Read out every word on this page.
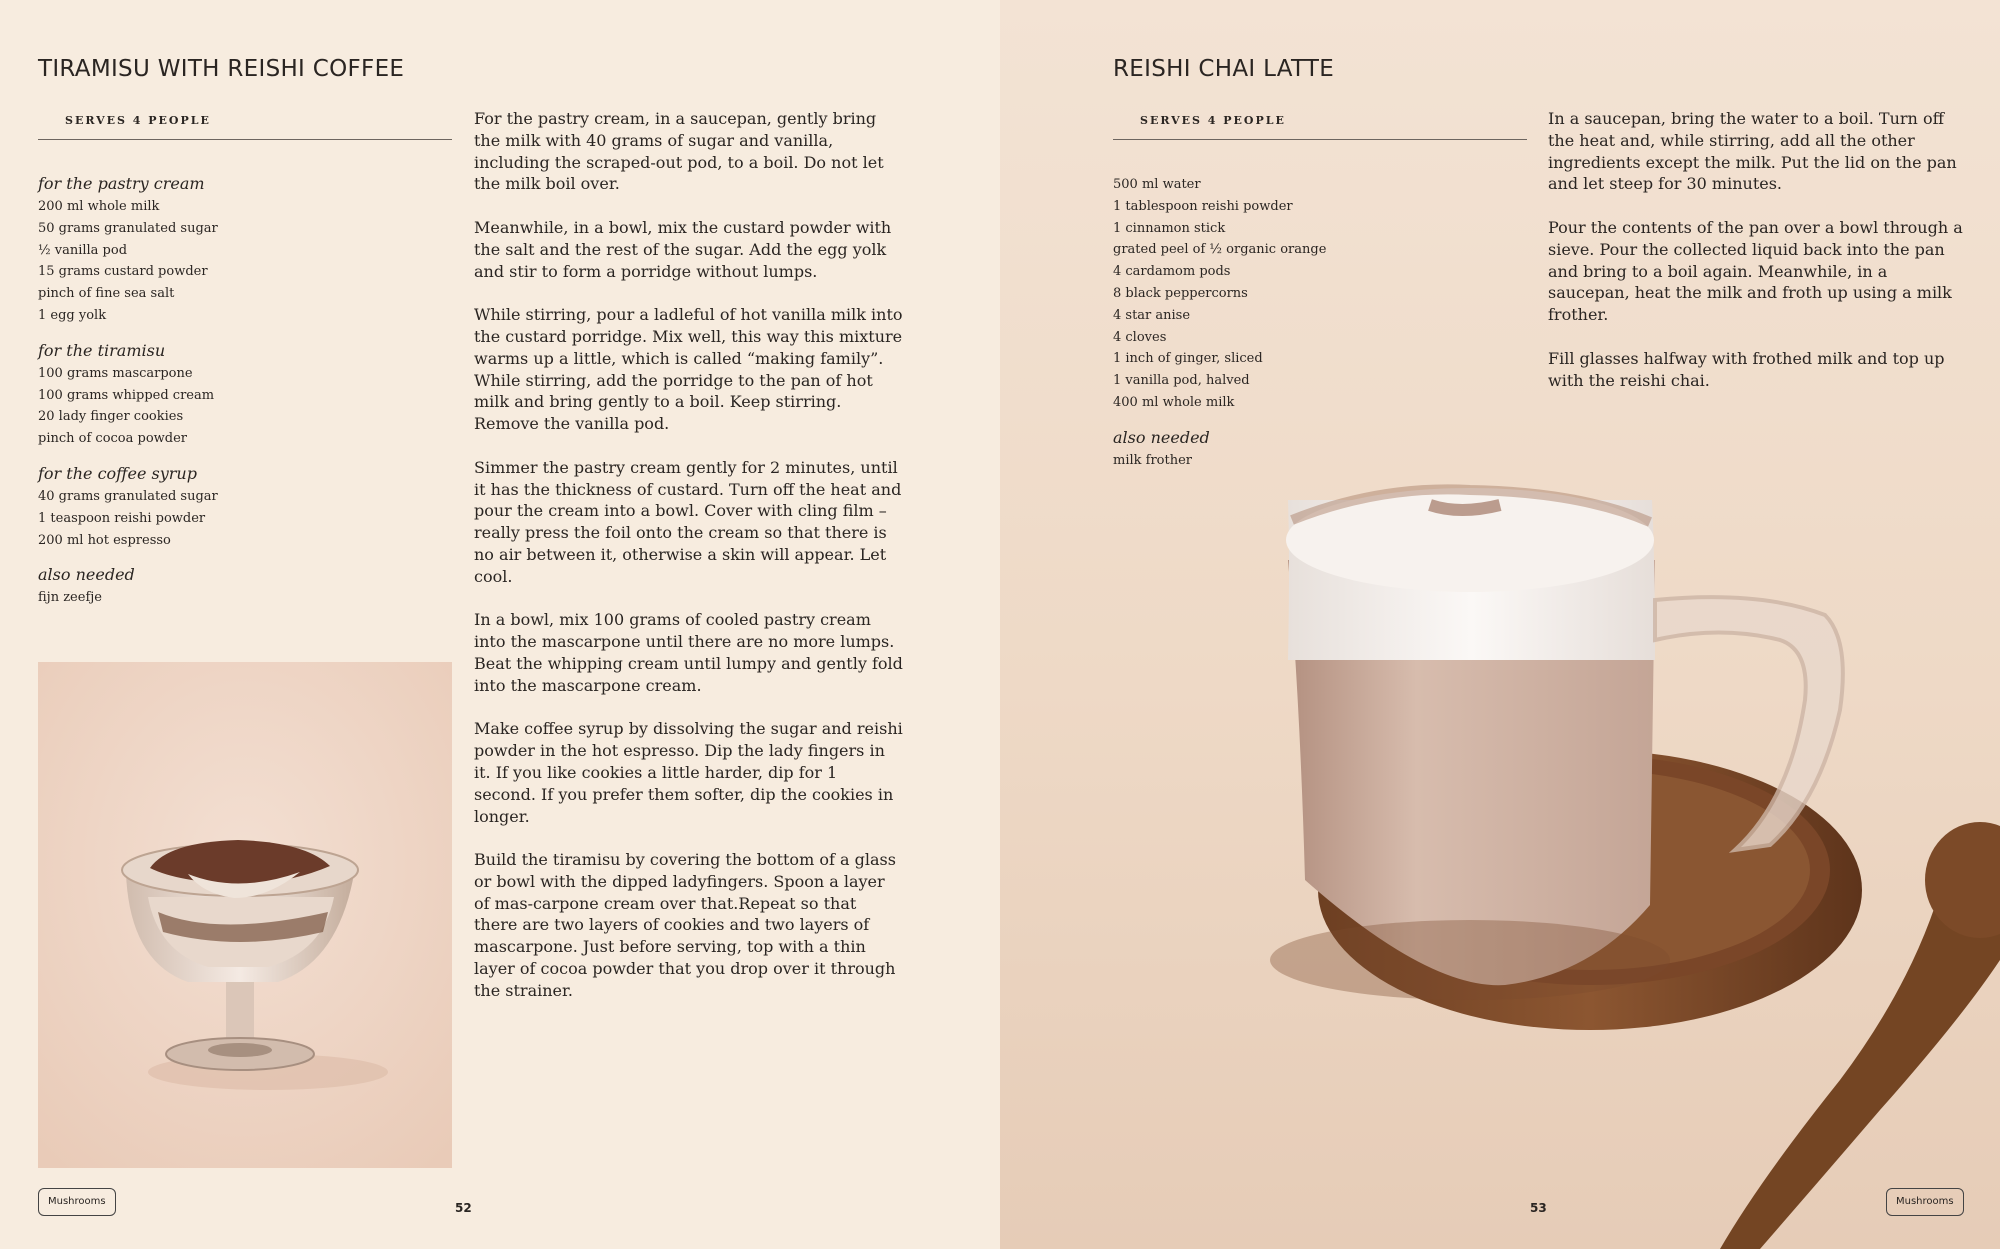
TIRAMISU WITH REISHI COFFEE
SERVES 4 PEOPLE
for the pastry cream
200 ml whole milk
50 grams granulated sugar
½ vanilla pod
15 grams custard powder
pinch of fine sea salt
1 egg yolk
for the tiramisu
100 grams mascarpone
100 grams whipped cream
20 lady finger cookies
pinch of cocoa powder
for the coffee syrup
40 grams granulated sugar
1 teaspoon reishi powder
200 ml hot espresso
also needed
fijn zeefje
Mushrooms	52

For the pastry cream, in a saucepan, gently bring the milk with 40 grams of sugar and vanilla, including the scraped-out pod, to a boil. Do not let the milk boil over.

Meanwhile, in a bowl, mix the custard powder with the salt and the rest of the sugar. Add the egg yolk and stir to form a porridge without lumps.

While stirring, pour a ladleful of hot vanilla milk into the custard porridge. Mix well, this way this mixture warms up a little, which is called “making family”. While stirring, add the porridge to the pan of hot milk and bring gently to a boil. Keep stirring. Remove the vanilla pod.

Simmer the pastry cream gently for 2 minutes, until it has the thickness of custard. Turn off the heat and pour the cream into a bowl. Cover with cling film – really press the foil onto the cream so that there is no air between it, otherwise a skin will appear. Let cool.

In a bowl, mix 100 grams of cooled pastry cream into the mascarpone until there are no more lumps. Beat the whipping cream until lumpy and gently fold into the mascarpone cream.

Make coffee syrup by dissolving the sugar and reishi powder in the hot espresso. Dip the lady fingers in it. If you like cookies a little harder, dip for 1 second. If you prefer them softer, dip the cookies in longer.

Build the tiramisu by covering the bottom of a glass or bowl with the dipped ladyfingers. Spoon a layer of mas-carpone cream over that.Repeat so that there are two layers of cookies and two layers of mascarpone. Just before serving, top with a thin layer of cocoa powder that you drop over it through the strainer.

REISHI CHAI LATTE
SERVES 4 PEOPLE
500 ml water
1 tablespoon reishi powder
1 cinnamon stick
grated peel of ½ organic orange
4 cardamom pods
8 black peppercorns
4 star anise
4 cloves
1 inch of ginger, sliced
1 vanilla pod, halved
400 ml whole milk
also needed
milk frother

In a saucepan, bring the water to a boil. Turn off the heat and, while stirring, add all the other ingredients except the milk. Put the lid on the pan and let steep for 30 minutes.

Pour the contents of the pan over a bowl through a sieve. Pour the collected liquid back into the pan and bring to a boil again. Meanwhile, in a saucepan, heat the milk and froth up using a milk frother.

Fill glasses halfway with frothed milk and top up with the reishi chai.

53	Mushrooms
